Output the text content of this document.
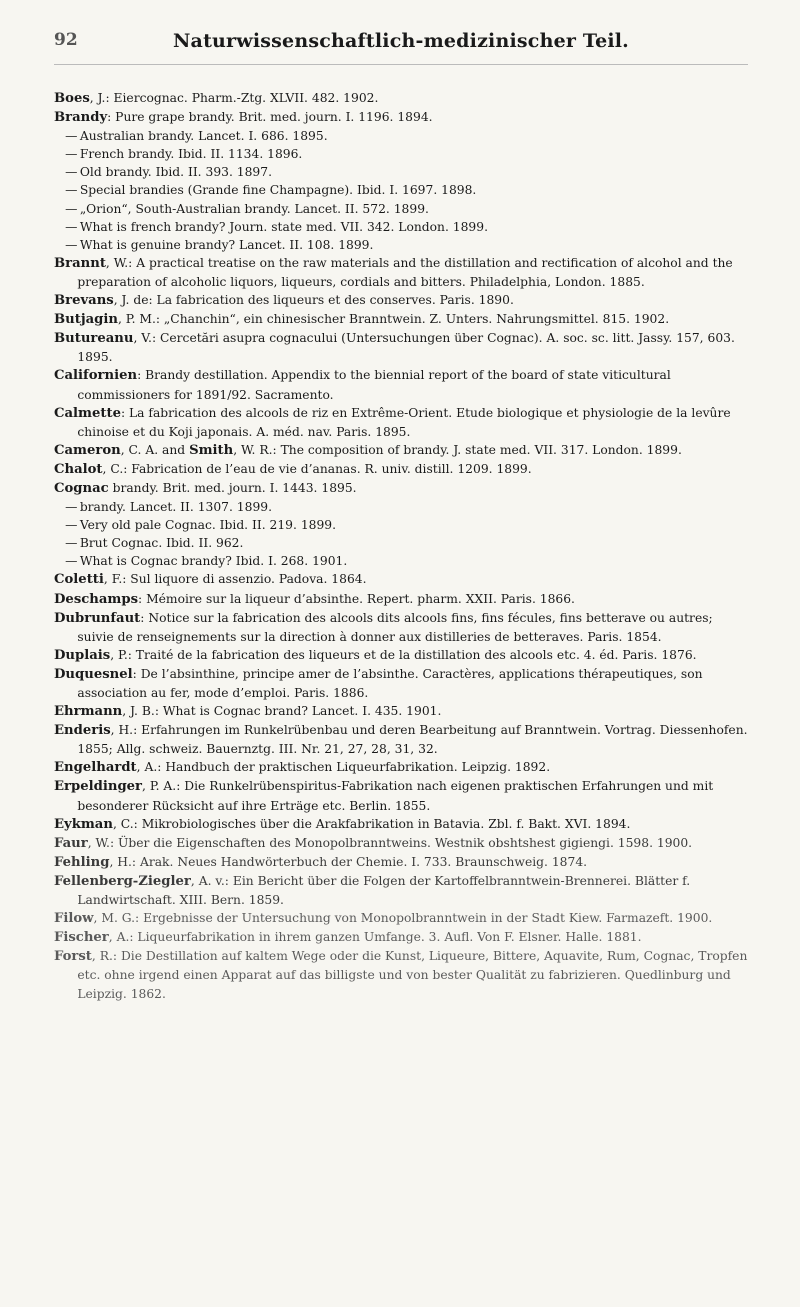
92	Naturwissenschaftlich-medizinischer Teil.

Boes, J.: Eiercognac. Pharm.-Ztg. XLVII. 482. 1902.

Brandy: Pure grape brandy. Brit. med. journ. I. 1196. 1894.

— Australian brandy. Lancet. I. 686. 1895.

— French brandy. Ibid. II. 1134. 1896.

— Old brandy. Ibid. II. 393. 1897.

— Special brandies (Grande fine Champagne). Ibid. I. 1697. 1898.

— „Orion“, South-Australian brandy. Lancet. II. 572. 1899.

— What is french brandy? Journ. state med. VII. 342. London. 1899.

— What is genuine brandy? Lancet. II. 108. 1899.

Brannt, W.: A practical treatise on the raw materials and the distillation and rectification of alcohol and the preparation of alcoholic liquors, liqueurs, cordials and bitters. Philadelphia, London. 1885.

Brevans, J. de: La fabrication des liqueurs et des conserves. Paris. 1890.

Butjagin, P. M.: „Chanchin“, ein chinesischer Branntwein. Z. Unters. Nahrungsmittel. 815. 1902.

Butureanu, V.: Cercetări asupra cognacului (Untersuchungen über Cognac). A. soc. sc. litt. Jassy. 157, 603. 1895.

Californien: Brandy destillation. Appendix to the biennial report of the board of state viticultural commissioners for 1891/92. Sacramento.

Calmette: La fabrication des alcools de riz en Extrême-Orient. Etude biologique et physiologie de la levûre chinoise et du Koji japonais. A. méd. nav. Paris. 1895.

Cameron, C. A. and Smith, W. R.: The composition of brandy. J. state med. VII. 317. London. 1899.

Chalot, C.: Fabrication de l’eau de vie d’ananas. R. univ. distill. 1209. 1899.

Cognac brandy. Brit. med. journ. I. 1443. 1895.

— brandy. Lancet. II. 1307. 1899.

— Very old pale Cognac. Ibid. II. 219. 1899.

— Brut Cognac. Ibid. II. 962.

— What is Cognac brandy? Ibid. I. 268. 1901.

Coletti, F.: Sul liquore di assenzio. Padova. 1864.

Deschamps: Mémoire sur la liqueur d’absinthe. Repert. pharm. XXII. Paris. 1866.

Dubrunfaut: Notice sur la fabrication des alcools dits alcools fins, fins fécules, fins betterave ou autres; suivie de renseignements sur la direction à donner aux distilleries de betteraves. Paris. 1854.

Duplais, P.: Traité de la fabrication des liqueurs et de la distillation des alcools etc. 4. éd. Paris. 1876.

Duquesnel: De l’absinthine, principe amer de l’absinthe. Caractères, applications thérapeutiques, son association au fer, mode d’emploi. Paris. 1886.

Ehrmann, J. B.: What is Cognac brand? Lancet. I. 435. 1901.

Enderis, H.: Erfahrungen im Runkelrübenbau und deren Bearbeitung auf Branntwein. Vortrag. Diessenhofen. 1855; Allg. schweiz. Bauernztg. III. Nr. 21, 27, 28, 31, 32.

Engelhardt, A.: Handbuch der praktischen Liqueurfabrikation. Leipzig. 1892.

Erpeldinger, P. A.: Die Runkelrübenspiritus-Fabrikation nach eigenen praktischen Erfahrungen und mit besonderer Rücksicht auf ihre Erträge etc. Berlin. 1855.

Eykman, C.: Mikrobiologisches über die Arakfabrikation in Batavia. Zbl. f. Bakt. XVI. 1894.

Faur, W.: Über die Eigenschaften des Monopolbranntweins. Westnik obshtshest gigiengi. 1598. 1900.

Fehling, H.: Arak. Neues Handwörterbuch der Chemie. I. 733. Braunschweig. 1874.

Fellenberg-Ziegler, A. v.: Ein Bericht über die Folgen der Kartoffelbranntwein-Brennerei. Blätter f. Landwirtschaft. XIII. Bern. 1859.

Filow, M. G.: Ergebnisse der Untersuchung von Monopolbranntwein in der Stadt Kiew. Farmazeft. 1900.

Fischer, A.: Liqueurfabrikation in ihrem ganzen Umfange. 3. Aufl. Von F. Elsner. Halle. 1881.

Forst, R.: Die Destillation auf kaltem Wege oder die Kunst, Liqueure, Bittere, Aquavite, Rum, Cognac, Tropfen etc. ohne irgend einen Apparat auf das billigste und von bester Qualität zu fabrizieren. Quedlinburg und Leipzig. 1862.
